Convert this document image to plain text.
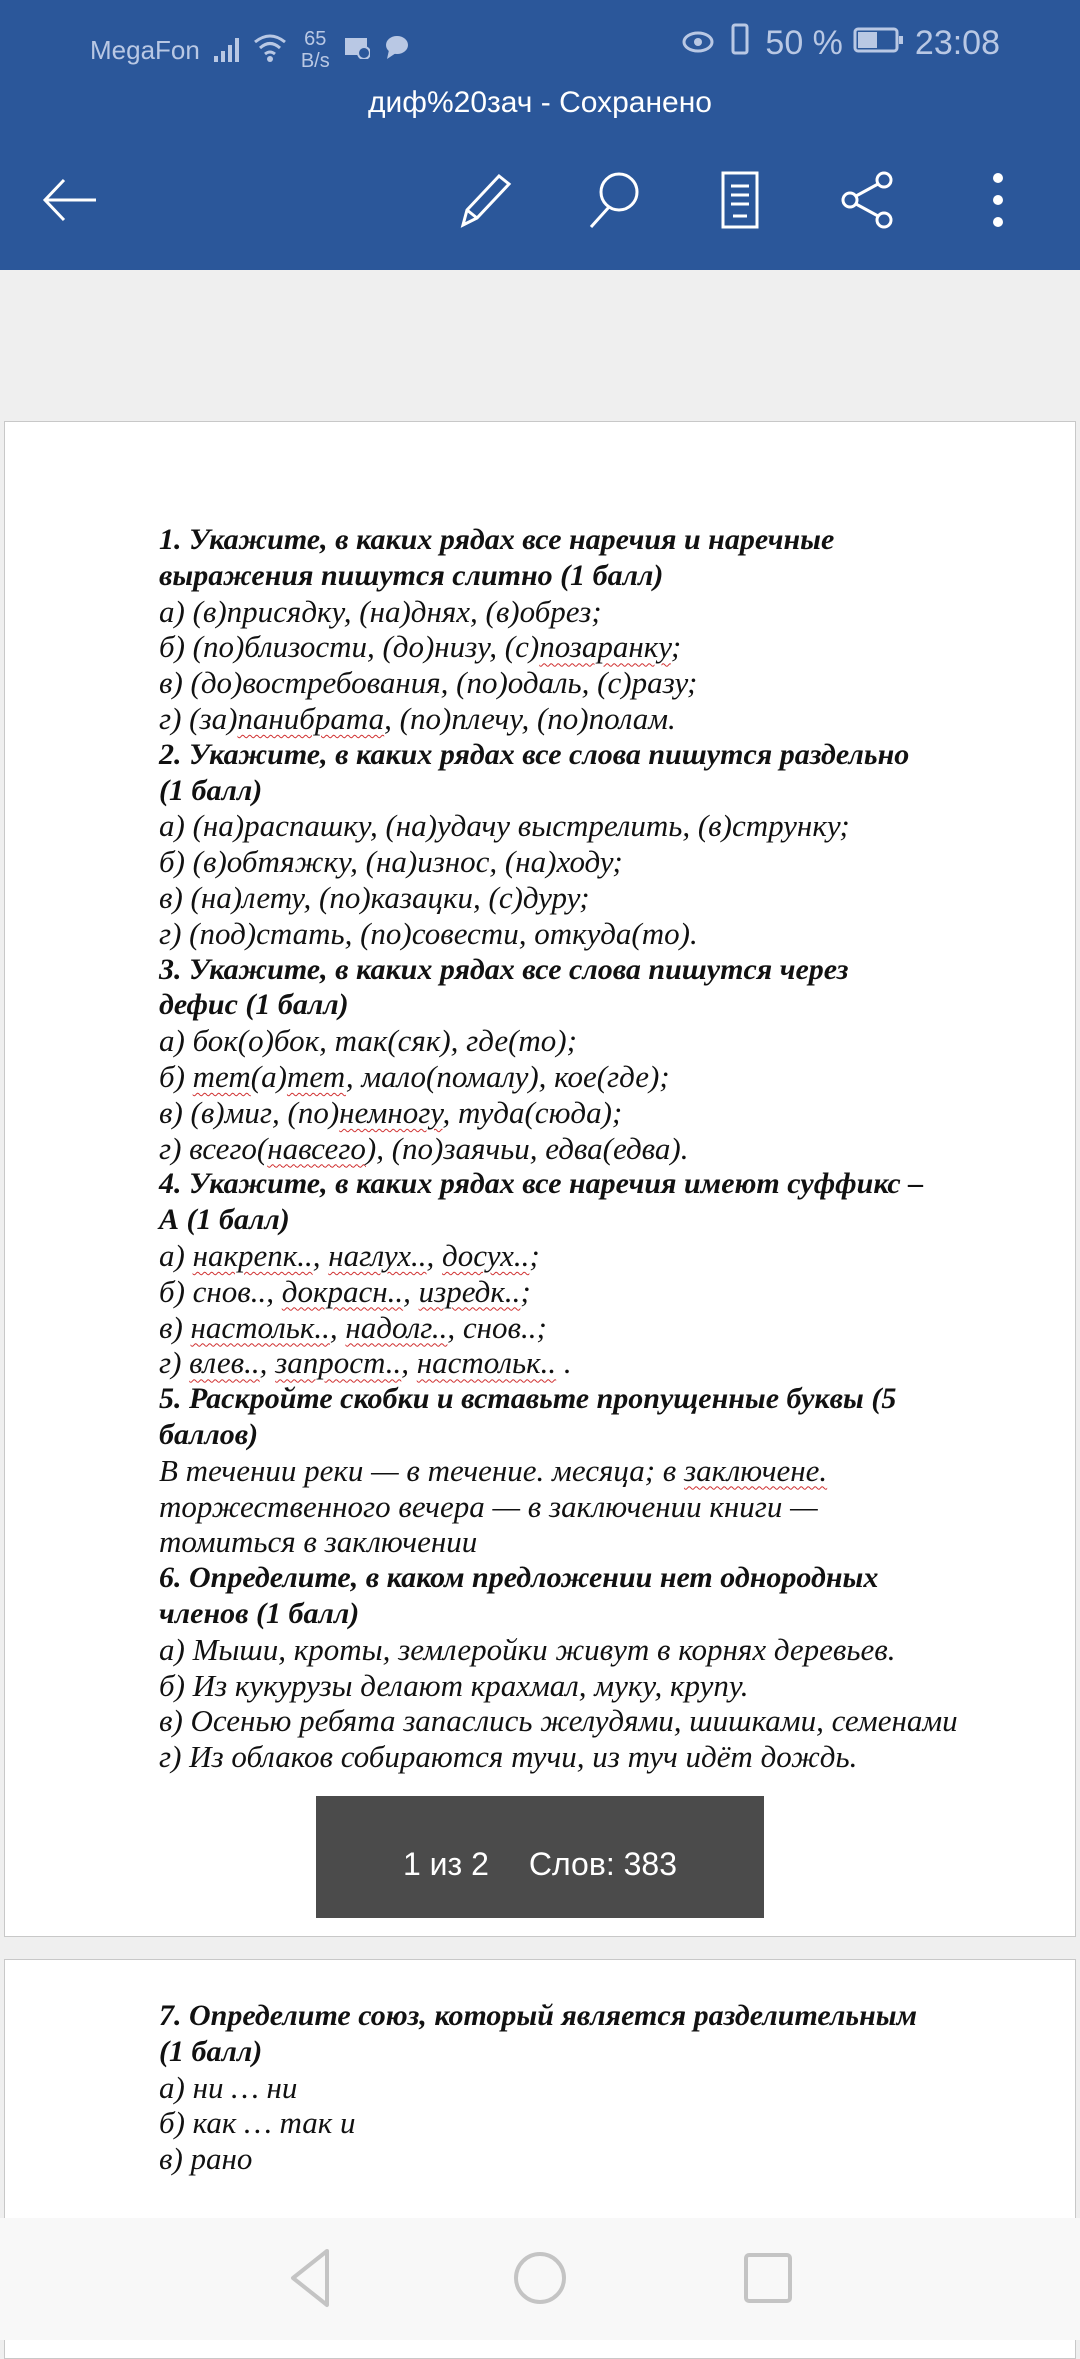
MegaFon	65
B/s	50 % 23:08
диф%20зач - Сохранено
1. Укажите, в каких рядах все наречия и наречные
выражения пишутся слитно (1 балл)
а) (в)присядку, (на)днях, (в)обрез;
б) (по)близости, (до)низу, (с)позаранку;
в) (до)востребования, (по)одаль, (с)разу;
г) (за)панибрата, (по)плечу, (по)полам.
2. Укажите, в каких рядах все слова пишутся раздельно
(1 балл)
а) (на)распашку, (на)удачу выстрелить, (в)струнку;
б) (в)обтяжку, (на)износ, (на)ходу;
в) (на)лету, (по)казацки, (с)дуру;
г) (под)стать, (по)совести, откуда(то).
3. Укажите, в каких рядах все слова пишутся через
дефис (1 балл)
а) бок(о)бок, так(сяк), где(то);
б) тет(а)тет, мало(помалу), кое(где);
в) (в)миг, (по)немногу, туда(сюда);
г) всего(навсего), (по)заячьи, едва(едва).
4. Укажите, в каких рядах все наречия имеют суффикс –
А (1 балл)
а) накрепк.., наглух.., досух..;
б) снов.., докрасн.., изредк..;
в) настольк.., надолг.., снов..;
г) влев.., запрост.., настольк.. .
5. Раскройте скобки и вставьте пропущенные буквы (5
баллов)
В течении реки — в течение. месяца; в заключене.
торжественного вечера — в заключении книги —
томиться в заключении
6. Определите, в каком предложении нет однородных
членов (1 балл)
а) Мыши, кроты, землеройки живут в корнях деревьев.
б) Из кукурузы делают крахмал, муку, крупу.
в) Осенью ребята запаслись желудями, шишками, семенами
г) Из облаков собираются тучи, из туч идёт дождь.
7. Определите союз, который является разделительным
(1 балл)
а) ни … ни
б) как … так и
в) рано
1 из 2 Слов: 383
